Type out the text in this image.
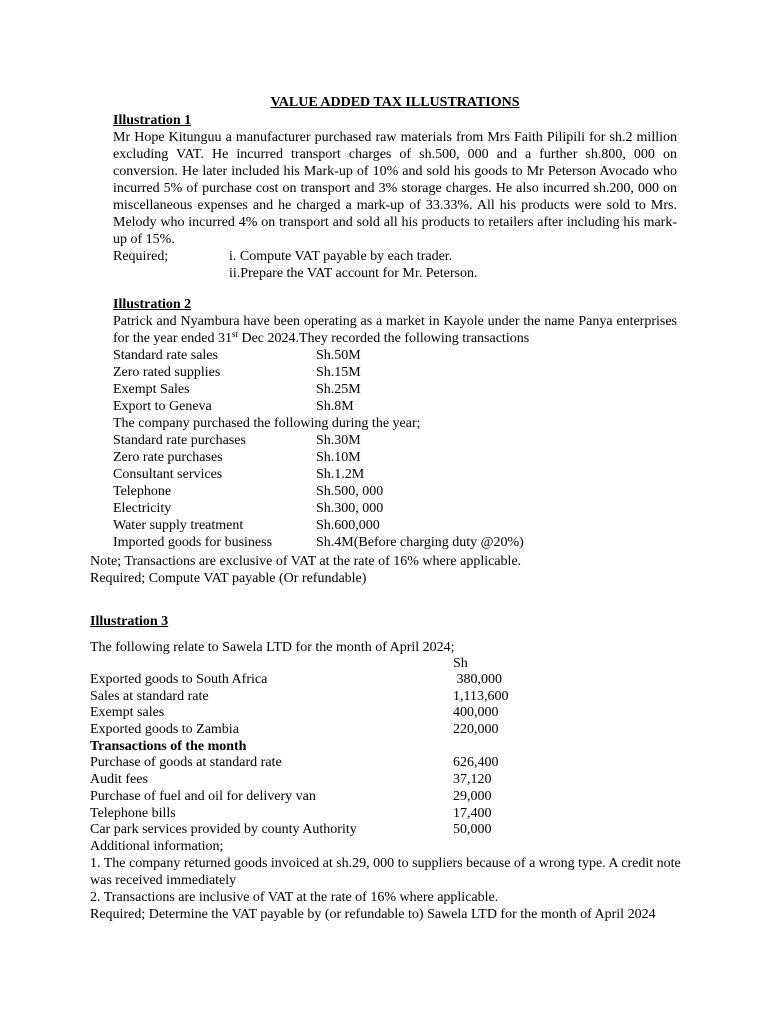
VALUE ADDED TAX ILLUSTRATIONS
Illustration 1
Mr Hope Kitunguu a manufacturer purchased raw materials from Mrs Faith Pilipili for sh.2 million excluding VAT. He incurred transport charges of sh.500, 000 and a further sh.800, 000 on conversion. He later included his Mark-up of 10% and sold his goods to Mr Peterson Avocado who incurred 5% of purchase cost on transport and 3% storage charges. He also incurred sh.200, 000 on miscellaneous expenses and he charged a mark-up of 33.33%. All his products were sold to Mrs. Melody who incurred 4% on transport and sold all his products to retailers after including his mark-up of 15%.
Required;	i. Compute VAT payable by each trader.
ii.Prepare the VAT account for Mr. Peterson.
Illustration 2
Patrick and Nyambura have been operating as a market in Kayole under the name Panya enterprises for the year ended 31st Dec 2024.They recorded the following transactions
Standard rate sales	Sh.50M
Zero rated supplies	Sh.15M
Exempt Sales	Sh.25M
Export to Geneva	Sh.8M
The company purchased the following during the year;
Standard rate purchases	Sh.30M
Zero rate purchases	Sh.10M
Consultant services	Sh.1.2M
Telephone	Sh.500, 000
Electricity	Sh.300, 000
Water supply treatment	Sh.600,000
Imported goods for business	Sh.4M(Before charging duty @20%)
Note; Transactions are exclusive of VAT at the rate of 16% where applicable.
Required; Compute VAT payable (Or refundable)
Illustration 3
The following relate to Sawela LTD for the month of April 2024;
Sh
Exported goods to South Africa	380,000
Sales at standard rate	1,113,600
Exempt sales	400,000
Exported goods to Zambia	220,000
Transactions of the month
Purchase of goods at standard rate	626,400
Audit fees	37,120
Purchase of fuel and oil for delivery van	29,000
Telephone bills	17,400
Car park services provided by county Authority	50,000
Additional information;
1. The company returned goods invoiced at sh.29, 000 to suppliers because of a wrong type. A credit note was received immediately
2. Transactions are inclusive of VAT at the rate of 16% where applicable.
Required; Determine the VAT payable by (or refundable to) Sawela LTD for the month of April 2024
